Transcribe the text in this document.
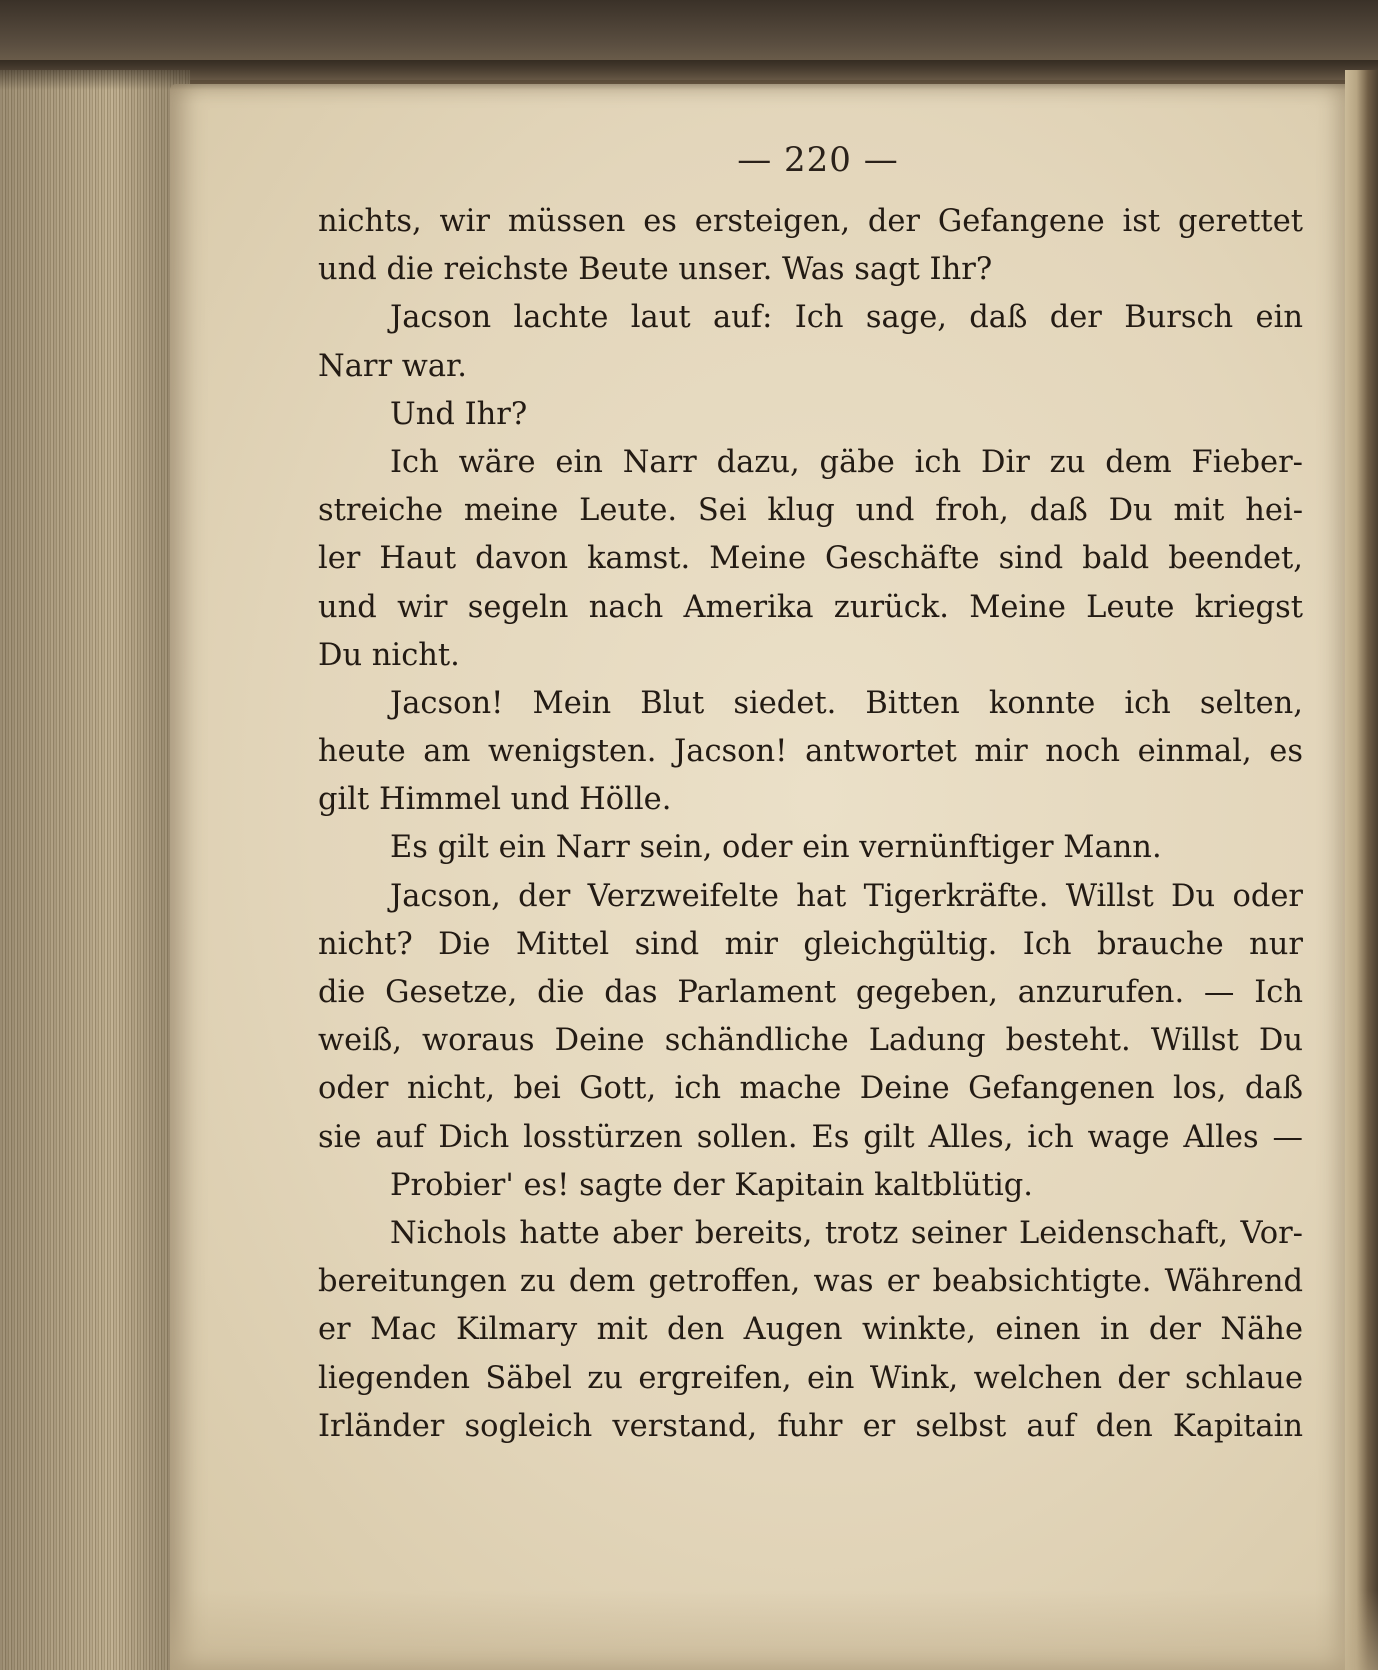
— 220 —
nichts, wir müssen es ersteigen, der Gefangene ist gerettet
und die reichste Beute unser. Was sagt Ihr?
Jacson lachte laut auf: Ich sage, daß der Bursch ein
Narr war.
Und Ihr?
Ich wäre ein Narr dazu, gäbe ich Dir zu dem Fieber-
streiche meine Leute. Sei klug und froh, daß Du mit hei-
ler Haut davon kamst. Meine Geschäfte sind bald beendet,
und wir segeln nach Amerika zurück. Meine Leute kriegst
Du nicht.
Jacson! Mein Blut siedet. Bitten konnte ich selten,
heute am wenigsten. Jacson! antwortet mir noch einmal, es
gilt Himmel und Hölle.
Es gilt ein Narr sein, oder ein vernünftiger Mann.
Jacson, der Verzweifelte hat Tigerkräfte. Willst Du oder
nicht? Die Mittel sind mir gleichgültig. Ich brauche nur
die Gesetze, die das Parlament gegeben, anzurufen. — Ich
weiß, woraus Deine schändliche Ladung besteht. Willst Du
oder nicht, bei Gott, ich mache Deine Gefangenen los, daß
sie auf Dich losstürzen sollen. Es gilt Alles, ich wage Alles —
Probier' es! sagte der Kapitain kaltblütig.
Nichols hatte aber bereits, trotz seiner Leidenschaft, Vor-
bereitungen zu dem getroffen, was er beabsichtigte. Während
er Mac Kilmary mit den Augen winkte, einen in der Nähe
liegenden Säbel zu ergreifen, ein Wink, welchen der schlaue
Irländer sogleich verstand, fuhr er selbst auf den Kapitain
